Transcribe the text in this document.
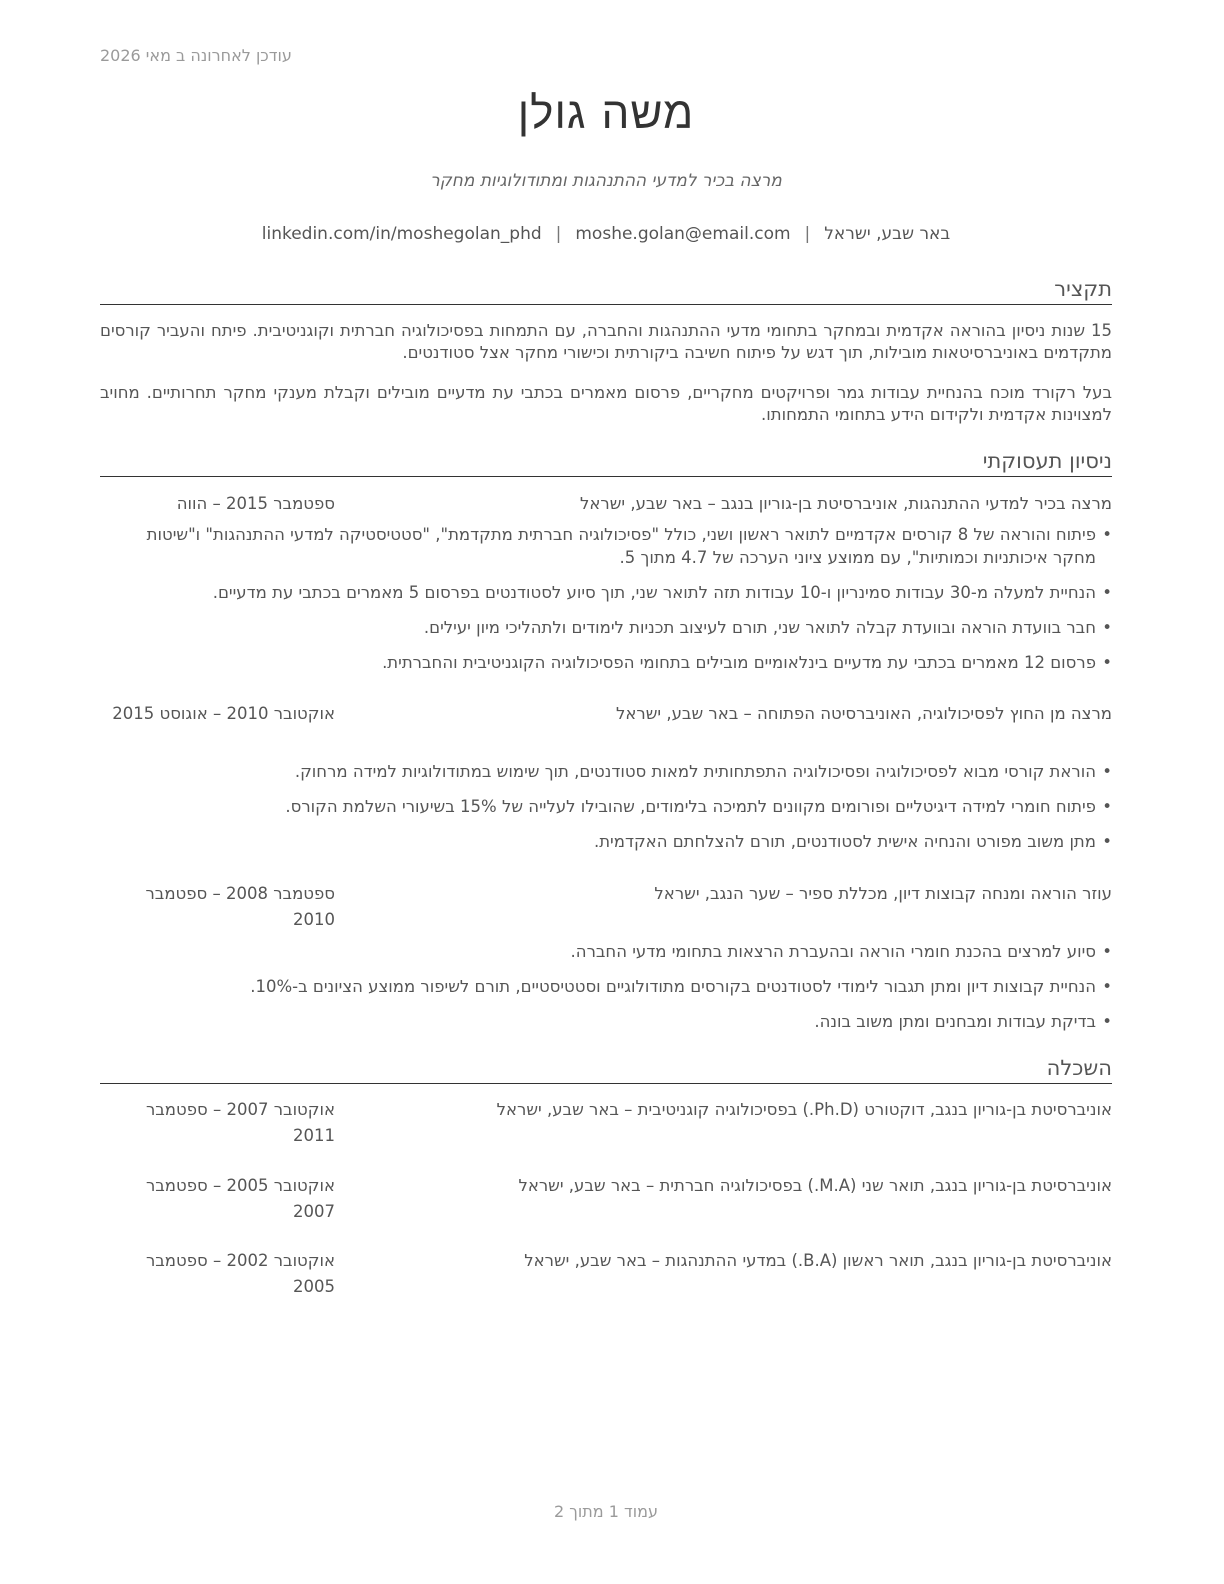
עודכן לאחרונה ב מאי 2026
משה גולן
מרצה בכיר למדעי ההתנהגות ומתודולוגיות מחקר
באר שבע, ישראל|moshe.golan@email.com|linkedin.com/in/moshegolan_phd
תקציר
15 שנות ניסיון בהוראה אקדמית ובמחקר בתחומי מדעי ההתנהגות והחברה, עם התמחות בפסיכולוגיה חברתית וקוגניטיבית. פיתח והעביר קורסים מתקדמים באוניברסיטאות מובילות, תוך דגש על פיתוח חשיבה ביקורתית וכישורי מחקר אצל סטודנטים.
בעל רקורד מוכח בהנחיית עבודות גמר ופרויקטים מחקריים, פרסום מאמרים בכתבי עת מדעיים מובילים וקבלת מענקי מחקר תחרותיים. מחויב למצוינות אקדמית ולקידום הידע בתחומי התמחותו.
ניסיון תעסוקתי
מרצה בכיר למדעי ההתנהגות, אוניברסיטת בן-גוריון בנגב – באר שבע, ישראל
ספטמבר 2015 – הווה
• פיתוח והוראה של 8 קורסים אקדמיים לתואר ראשון ושני, כולל "פסיכולוגיה חברתית מתקדמת", "סטטיסטיקה למדעי ההתנהגות" ו"שיטות מחקר איכותניות וכמותיות", עם ממוצע ציוני הערכה של 4.7 מתוך 5.
• הנחיית למעלה מ-30 עבודות סמינריון ו-10 עבודות תזה לתואר שני, תוך סיוע לסטודנטים בפרסום 5 מאמרים בכתבי עת מדעיים.
• חבר בוועדת הוראה ובוועדת קבלה לתואר שני, תורם לעיצוב תכניות לימודים ולתהליכי מיון יעילים.
• פרסום 12 מאמרים בכתבי עת מדעיים בינלאומיים מובילים בתחומי הפסיכולוגיה הקוגניטיבית והחברתית.
מרצה מן החוץ לפסיכולוגיה, האוניברסיטה הפתוחה – באר שבע, ישראל
אוקטובר 2010 – אוגוסט 2015
• הוראת קורסי מבוא לפסיכולוגיה ופסיכולוגיה התפתחותית למאות סטודנטים, תוך שימוש במתודולוגיות למידה מרחוק.
• פיתוח חומרי למידה דיגיטליים ופורומים מקוונים לתמיכה בלימודים, שהובילו לעלייה של 15% בשיעורי השלמת הקורס.
• מתן משוב מפורט והנחיה אישית לסטודנטים, תורם להצלחתם האקדמית.
עוזר הוראה ומנחה קבוצות דיון, מכללת ספיר – שער הנגב, ישראל
ספטמבר 2008 – ספטמבר 2010
• סיוע למרצים בהכנת חומרי הוראה ובהעברת הרצאות בתחומי מדעי החברה.
• הנחיית קבוצות דיון ומתן תגבור לימודי לסטודנטים בקורסים מתודולוגיים וסטטיסטיים, תורם לשיפור ממוצע הציונים ב-10%.
• בדיקת עבודות ומבחנים ומתן משוב בונה.
השכלה
אוניברסיטת בן-גוריון בנגב, דוקטורט (Ph.D.) בפסיכולוגיה קוגניטיבית – באר שבע, ישראל
אוקטובר 2007 – ספטמבר 2011
אוניברסיטת בן-גוריון בנגב, תואר שני (M.A.) בפסיכולוגיה חברתית – באר שבע, ישראל
אוקטובר 2005 – ספטמבר 2007
אוניברסיטת בן-גוריון בנגב, תואר ראשון (B.A.) במדעי ההתנהגות – באר שבע, ישראל
אוקטובר 2002 – ספטמבר 2005
עמוד 1 מתוך 2
